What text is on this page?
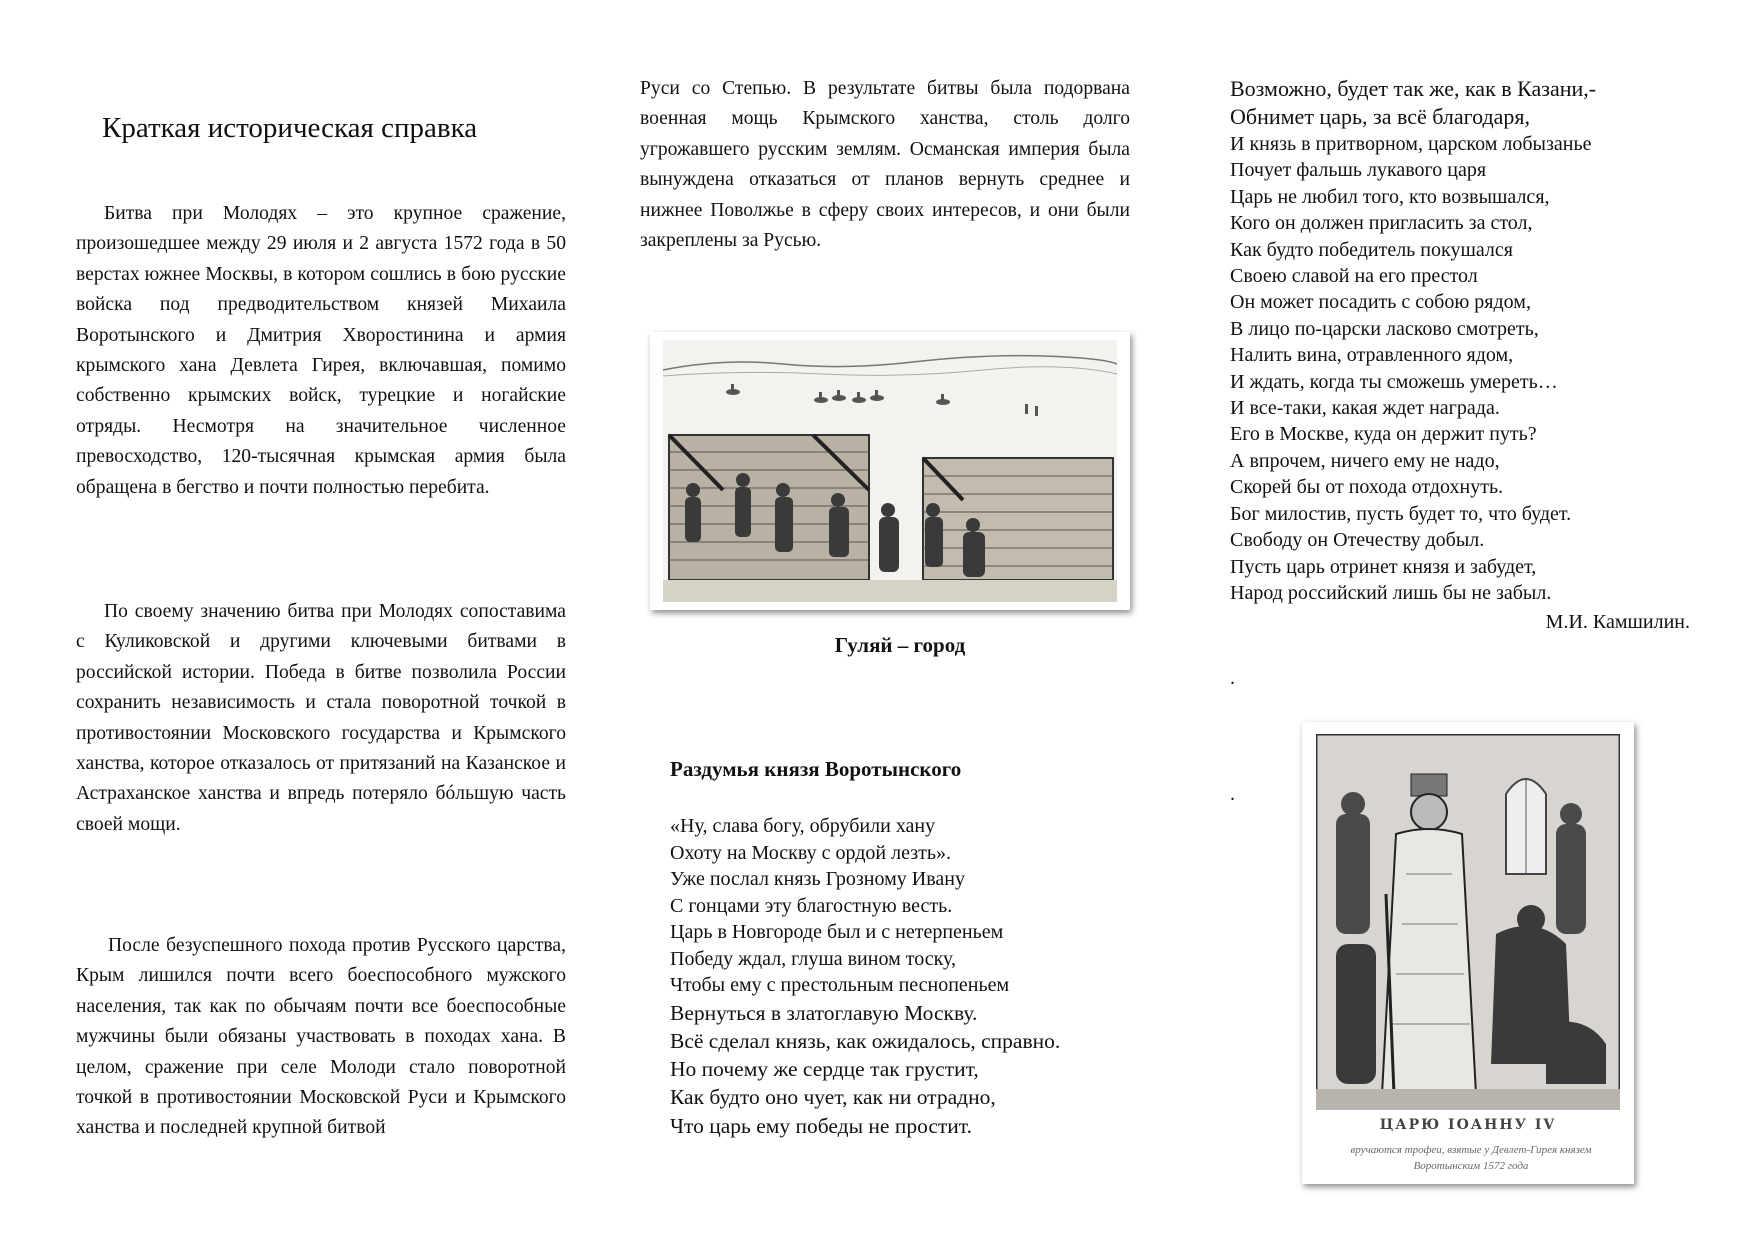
Краткая историческая справка

Битва при Молодях – это крупное сражение, произошедшее между 29 июля и 2 августа 1572 года в 50 верстах южнее Москвы, в котором сошлись в бою русские войска под предводительством князей Михаила Воротынского и Дмитрия Хворостинина и армия крымского хана Девлета Гирея, включавшая, помимо собственно крымских войск, турецкие и ногайские отряды. Несмотря на значительное численное превосходство, 120-тысячная крымская армия была обращена в бегство и почти полностью перебита.

По своему значению битва при Молодях сопоставима с Куликовской и другими ключевыми битвами в российской истории. Победа в битве позволила России сохранить независимость и стала поворотной точкой в противостоянии Московского государства и Крымского ханства, которое отказалось от притязаний на Казанское и Астраханское ханства и впредь потеряло бóльшую часть своей мощи.

После безуспешного похода против Русского царства, Крым лишился почти всего боеспособного мужского населения, так как по обычаям почти все боеспособные мужчины были обязаны участвовать в походах хана. В целом, сражение при селе Молоди стало поворотной точкой в противостоянии Московской Руси и Крымского ханства и последней крупной битвой

Руси со Степью. В результате битвы была подорвана военная мощь Крымского ханства, столь долго угрожавшего русским землям. Османская империя была вынуждена отказаться от планов вернуть среднее и нижнее Поволжье в сферу своих интересов, и они были закреплены за Русью.

Гуляй – город

Раздумья князя Воротынского
«Ну, слава богу, обрубили хану
Охоту на Москву с ордой лезть».
Уже послал князь Грозному Ивану
С гонцами эту благостную весть.
Царь в Новгороде был и с нетерпеньем
Победу ждал, глуша вином тоску,
Чтобы ему с престольным песнопеньем
Вернуться в златоглавую Москву.
Всё сделал князь, как ожидалось, справно.
Но почему же сердце так грустит,
Как будто оно чует, как ни отрадно,
Что царь ему победы не простит.
Возможно, будет так же, как в Казани,-
Обнимет царь, за всё благодаря,
И князь в притворном, царском лобызанье
Почует фальшь лукавого царя
Царь не любил того, кто возвышался,
Кого он должен пригласить за стол,
Как будто победитель покушался
Своею славой на его престол
Он может посадить с собою рядом,
В лицо по-царски ласково смотреть,
Налить вина, отравленного ядом,
И ждать, когда ты сможешь умереть…
И все-таки, какая ждет награда.
Его в Москве, куда он держит путь?
А впрочем, ничего ему не надо,
Скорей бы от похода отдохнуть.
Бог милостив, пусть будет то, что будет.
Свободу он Отечеству добыл.
Пусть царь отринет князя и забудет,
Народ российский лишь бы не забыл.

М.И. Камшилин.

.

.

ЦАРЮ ІОАННУ IV
вручаются трофеи, взятые у Девлет-Гирея князем Воротынским 1572 года
